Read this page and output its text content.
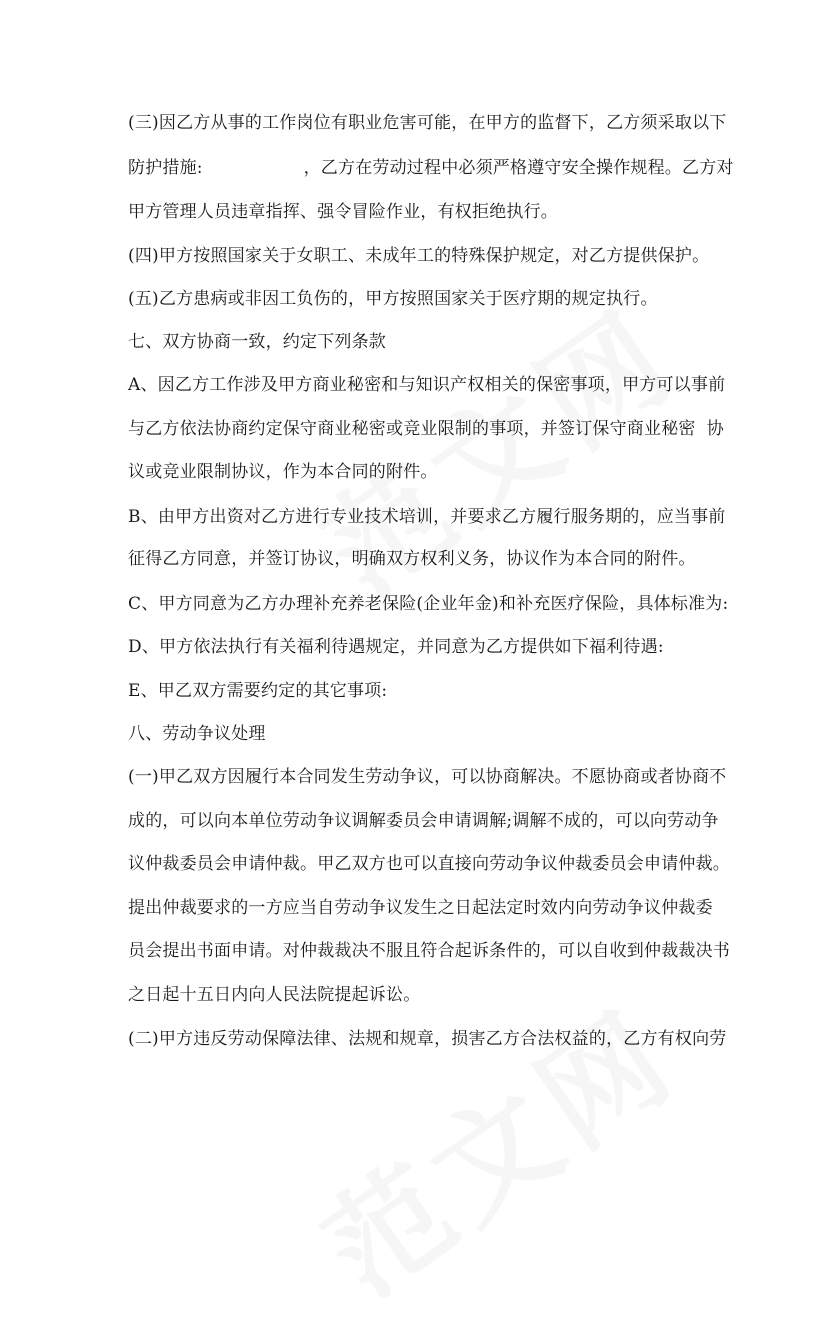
(三)因乙方从事的工作岗位有职业危害可能，在甲方的监督下，乙方须采取以下
防护措施:                  ，乙方在劳动过程中必须严格遵守安全操作规程。乙方对
甲方管理人员违章指挥、强令冒险作业，有权拒绝执行。
(四)甲方按照国家关于女职工、未成年工的特殊保护规定，对乙方提供保护。
(五)乙方患病或非因工负伤的，甲方按照国家关于医疗期的规定执行。
七、双方协商一致，约定下列条款
A、因乙方工作涉及甲方商业秘密和与知识产权相关的保密事项，甲方可以事前
与乙方依法协商约定保守商业秘密或竞业限制的事项，并签订保守商业秘密  协
议或竞业限制协议，作为本合同的附件。
B、由甲方出资对乙方进行专业技术培训，并要求乙方履行服务期的，应当事前
征得乙方同意，并签订协议，明确双方权利义务，协议作为本合同的附件。
C、甲方同意为乙方办理补充养老保险(企业年金)和补充医疗保险，具体标准为:
D、甲方依法执行有关福利待遇规定，并同意为乙方提供如下福利待遇:
E、甲乙双方需要约定的其它事项:
八、劳动争议处理
(一)甲乙双方因履行本合同发生劳动争议，可以协商解决。不愿协商或者协商不
成的，可以向本单位劳动争议调解委员会申请调解;调解不成的，可以向劳动争
议仲裁委员会申请仲裁。甲乙双方也可以直接向劳动争议仲裁委员会申请仲裁。
提出仲裁要求的一方应当自劳动争议发生之日起法定时效内向劳动争议仲裁委
员会提出书面申请。对仲裁裁决不服且符合起诉条件的，可以自收到仲裁裁决书
之日起十五日内向人民法院提起诉讼。
(二)甲方违反劳动保障法律、法规和规章，损害乙方合法权益的，乙方有权向劳
